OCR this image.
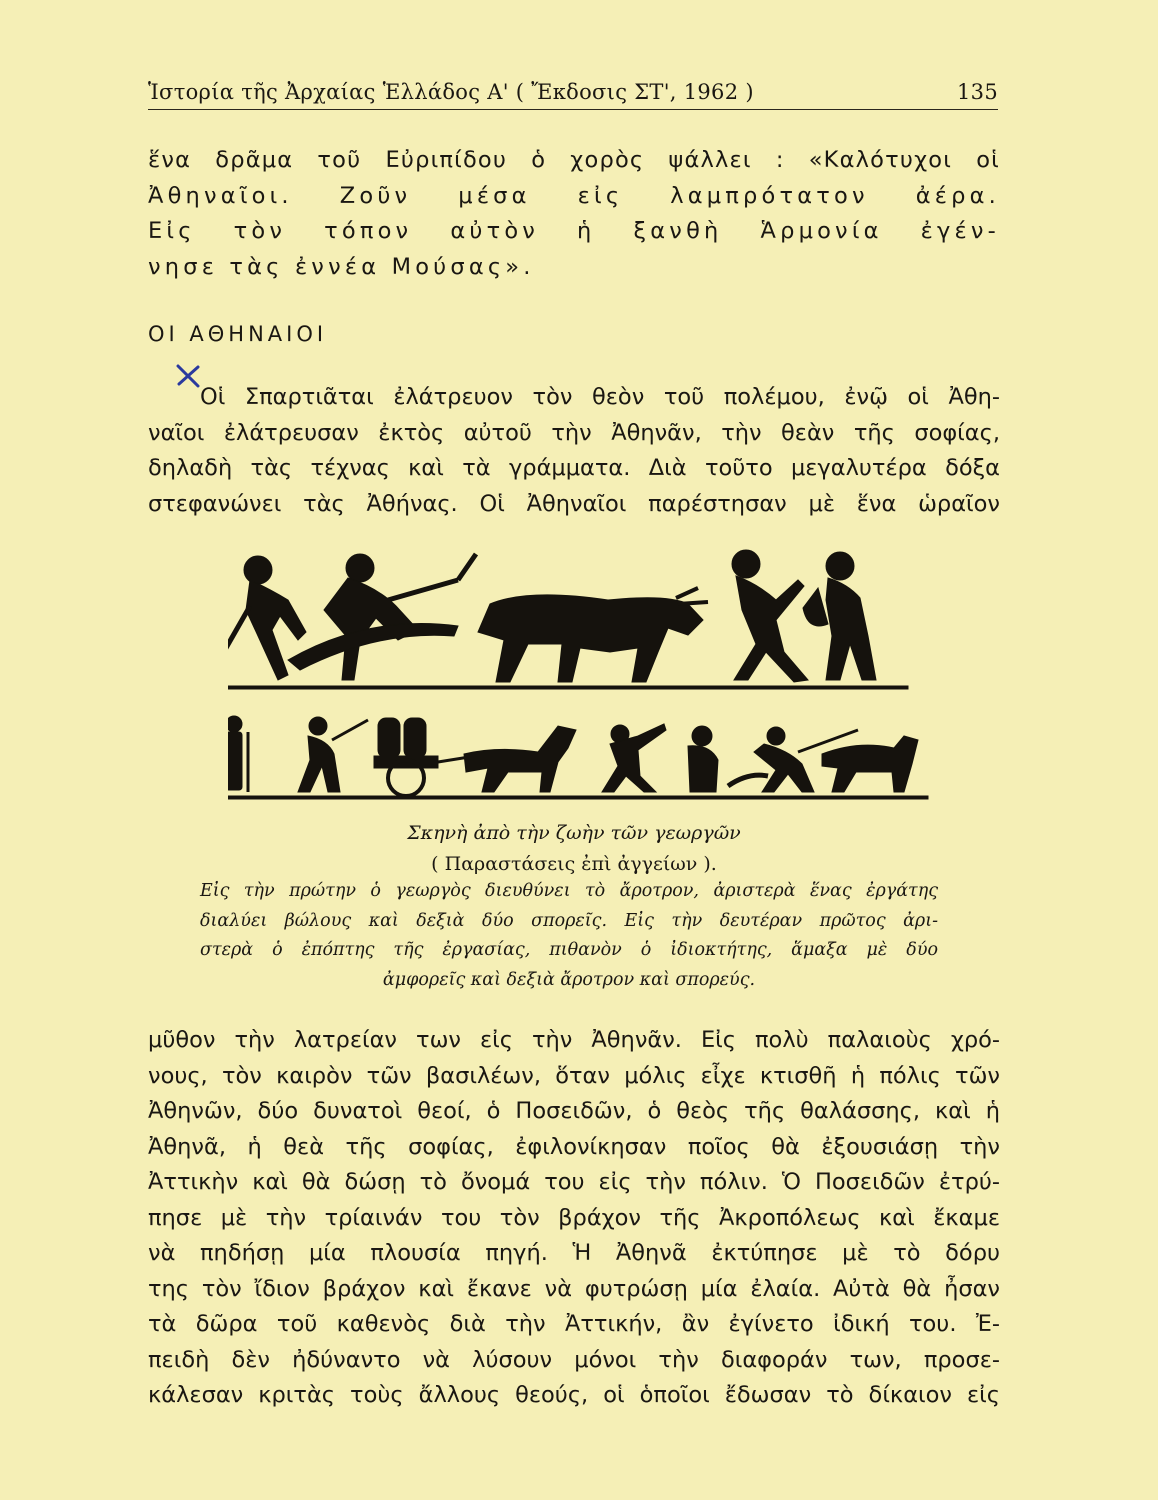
Ἱστορία τῆς Ἀρχαίας Ἑλλάδος Α' ( Ἔκδοσις ΣΤ', 1962 )	135
ἕνα δρᾶμα τοῦ Εὐριπίδου ὁ χορὸς ψάλλει : «Καλότυχοι οἱ
Ἀθηναῖοι. Ζοῦν μέσα εἰς λαμπρότατον ἀέρα.
Εἰς τὸν τόπον αὐτὸν ἡ ξανθὴ Ἁρμονία ἐγέν-
νησε τὰς ἐννέα Μούσας».
ΟΙ ΑΘΗΝΑΙΟΙ
Οἱ Σπαρτιᾶται ἐλάτρευον τὸν θεὸν τοῦ πολέμου, ἐνῷ οἱ Ἀθη-
ναῖοι ἐλάτρευσαν ἐκτὸς αὐτοῦ τὴν Ἀθηνᾶν, τὴν θεὰν τῆς σοφίας,
δηλαδὴ τὰς τέχνας καὶ τὰ γράμματα. Διὰ τοῦτο μεγαλυτέρα δόξα
στεφανώνει τὰς Ἀθήνας. Οἱ Ἀθηναῖοι παρέστησαν μὲ ἕνα ὡραῖον
Σκηνὴ ἀπὸ τὴν ζωὴν τῶν γεωργῶν
( Παραστάσεις ἐπὶ ἀγγείων ).
Εἰς τὴν πρώτην ὁ γεωργὸς διευθύνει τὸ ἄροτρον, ἀριστερὰ ἕνας ἐργάτης
διαλύει βώλους καὶ δεξιὰ δύο σπορεῖς. Εἰς τὴν δευτέραν πρῶτος ἀρι-
στερὰ ὁ ἐπόπτης τῆς ἐργασίας, πιθανὸν ὁ ἰδιοκτήτης, ἅμαξα μὲ δύο
ἀμφορεῖς καὶ δεξιὰ ἄροτρον καὶ σπορεύς.
μῦθον τὴν λατρείαν των εἰς τὴν Ἀθηνᾶν. Εἰς πολὺ παλαιοὺς χρό-
νους, τὸν καιρὸν τῶν βασιλέων, ὅταν μόλις εἶχε κτισθῆ ἡ πόλις τῶν
Ἀθηνῶν, δύο δυνατοὶ θεοί, ὁ Ποσειδῶν, ὁ θεὸς τῆς θαλάσσης, καὶ ἡ
Ἀθηνᾶ, ἡ θεὰ τῆς σοφίας, ἐφιλονίκησαν ποῖος θὰ ἐξουσιάσῃ τὴν
Ἀττικὴν καὶ θὰ δώσῃ τὸ ὄνομά του εἰς τὴν πόλιν. Ὁ Ποσειδῶν ἐτρύ-
πησε μὲ τὴν τρίαινάν του τὸν βράχον τῆς Ἀκροπόλεως καὶ ἔκαμε
νὰ πηδήσῃ μία πλουσία πηγή. Ἡ Ἀθηνᾶ ἐκτύπησε μὲ τὸ δόρυ
της τὸν ἴδιον βράχον καὶ ἔκανε νὰ φυτρώσῃ μία ἐλαία. Αὐτὰ θὰ ἦσαν
τὰ δῶρα τοῦ καθενὸς διὰ τὴν Ἀττικήν, ἂν ἐγίνετο ἰδική του. Ἐ-
πειδὴ δὲν ἠδύναντο νὰ λύσουν μόνοι τὴν διαφοράν των, προσε-
κάλεσαν κριτὰς τοὺς ἄλλους θεούς, οἱ ὁποῖοι ἔδωσαν τὸ δίκαιον εἰς
